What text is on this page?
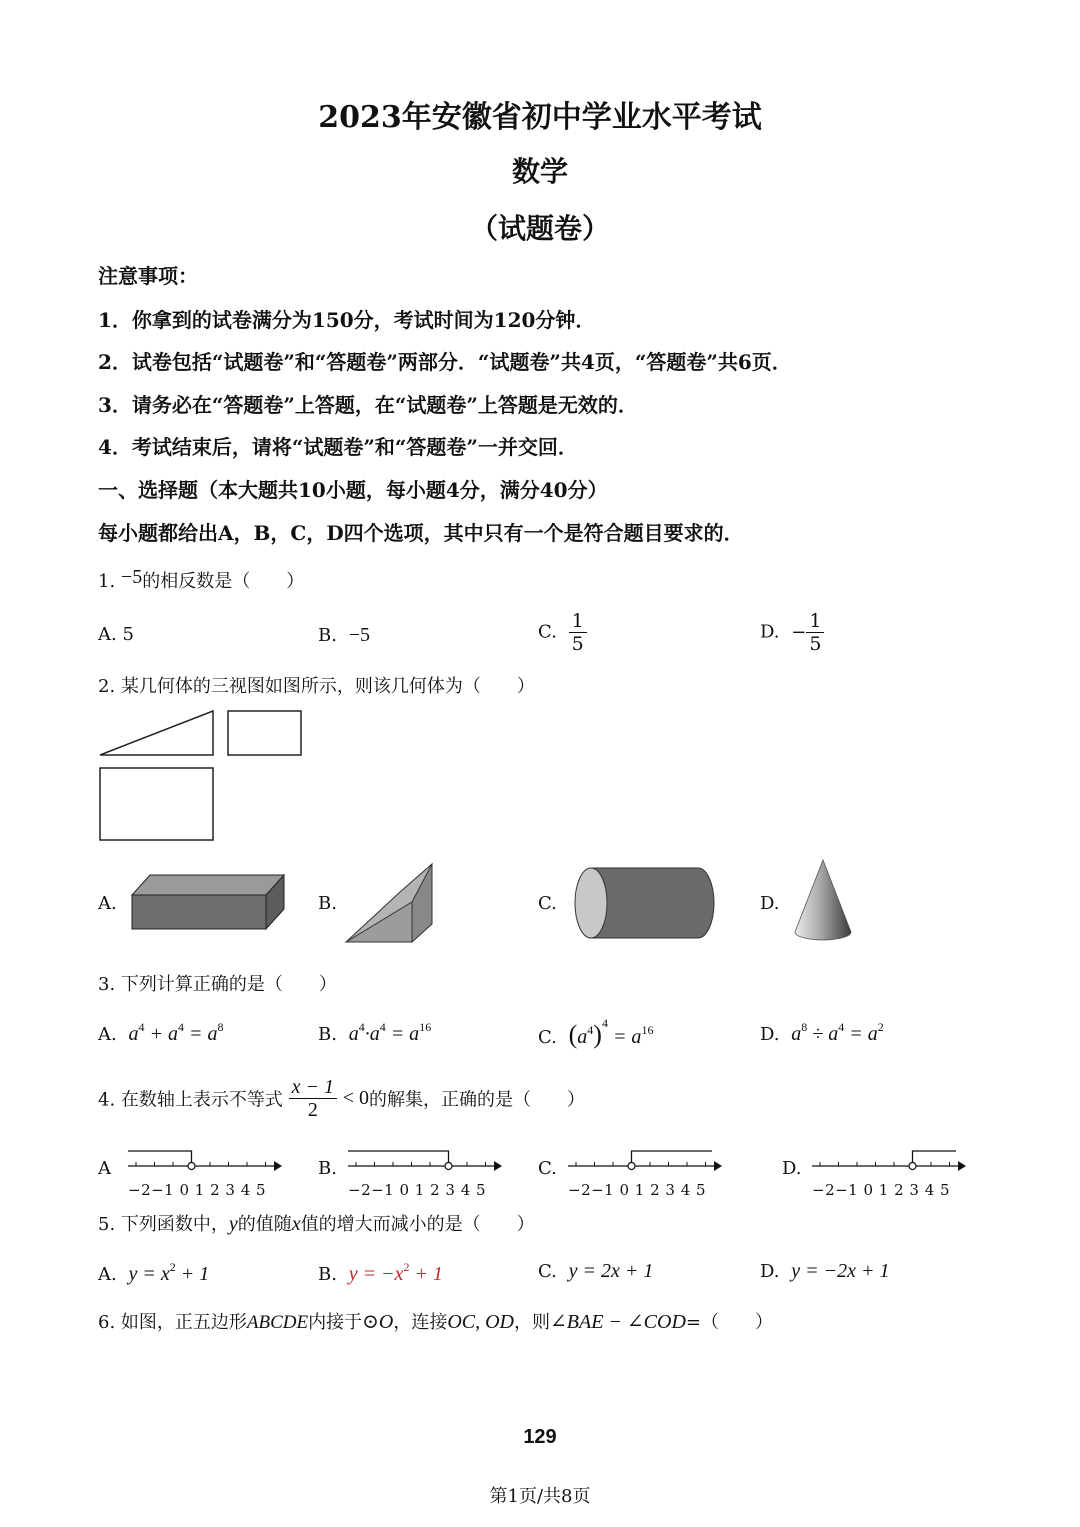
2023年安徽省初中学业水平考试
数学
（试题卷）
注意事项：
1．你拿到的试卷满分为150分，考试时间为120分钟．
2．试卷包括“试题卷”和“答题卷”两部分．“试题卷”共4页，“答题卷”共6页．
3．请务必在“答题卷”上答题，在“试题卷”上答题是无效的．
4．考试结束后，请将“试题卷”和“答题卷”一并交回．
一、选择题（本大题共10小题，每小题4分，满分40分）
每小题都给出A，B，C，D四个选项，其中只有一个是符合题目要求的．
1. −5的相反数是（　　）
A. 5	B. −5	C. $\frac{1}{5}$	D. − $\frac{1}{5}$
2. 某几何体的三视图如图所示，则该几何体为（　　）
A.	B.	C.	D.
3. 下列计算正确的是（　　）
A. $a^4 + a^4 = a^8$	B. $a^4\cdot a^4 = a^{16}$	C. $(a^4)^4 = a^{16}$	D. $a^8 \div a^4 = a^2$
4. 在数轴上表示不等式 $\frac{x - 1}{2} < 0$的解集，正确的是（　　）
A	B.	C.	D.
−2−1 0 1 2 3 4 5	−2−1 0 1 2 3 4 5	−2−1 0 1 2 3 4 5	−2−1 0 1 2 3 4 5
5. 下列函数中，y的值随x值的增大而减小的是（　　）
A. $y = x^2 + 1$	B. $y = -x^2 + 1$	C. y = 2x + 1	D. y = −2x + 1
6. 如图，正五边形ABCDE内接于⊙O，连接OC, OD，则∠BAE − ∠COD=（　　）
129
第1页/共8页
